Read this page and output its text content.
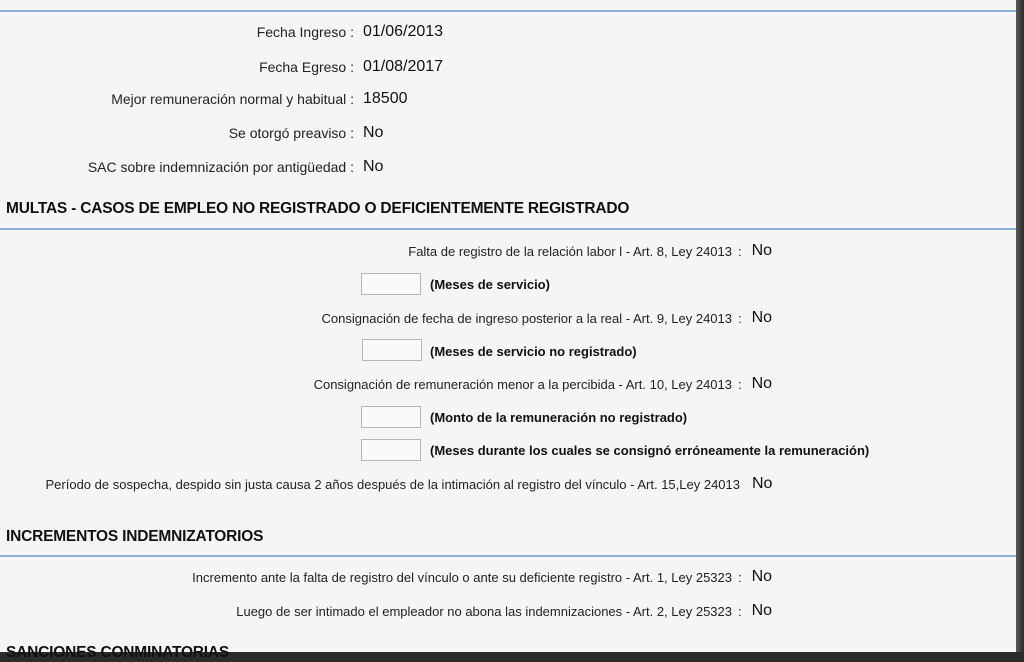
Fecha Ingreso : 01/06/2013
Fecha Egreso : 01/08/2017
Mejor remuneración normal y habitual : 18500
Se otorgó preaviso : No
SAC sobre indemnización por antigüedad : No
MULTAS - CASOS DE EMPLEO NO REGISTRADO O DEFICIENTEMENTE REGISTRADO
Falta de registro de la relación labor l - Art. 8, Ley 24013 : No
(Meses de servicio)
Consignación de fecha de ingreso posterior a la real - Art. 9, Ley 24013 : No
(Meses de servicio no registrado)
Consignación de remuneración menor a la percibida - Art. 10, Ley 24013 : No
(Monto de la remuneración no registrado)
(Meses durante los cuales se consignó erróneamente la remuneración)
Período de sospecha, despido sin justa causa 2 años después de la intimación al registro del vínculo - Art. 15,Ley 24013 No
INCREMENTOS INDEMNIZATORIOS
Incremento ante la falta de registro del vínculo o ante su deficiente registro - Art. 1, Ley 25323 : No
Luego de ser intimado el empleador no abona las indemnizaciones - Art. 2, Ley 25323 : No
SANCIONES CONMINATORIAS
